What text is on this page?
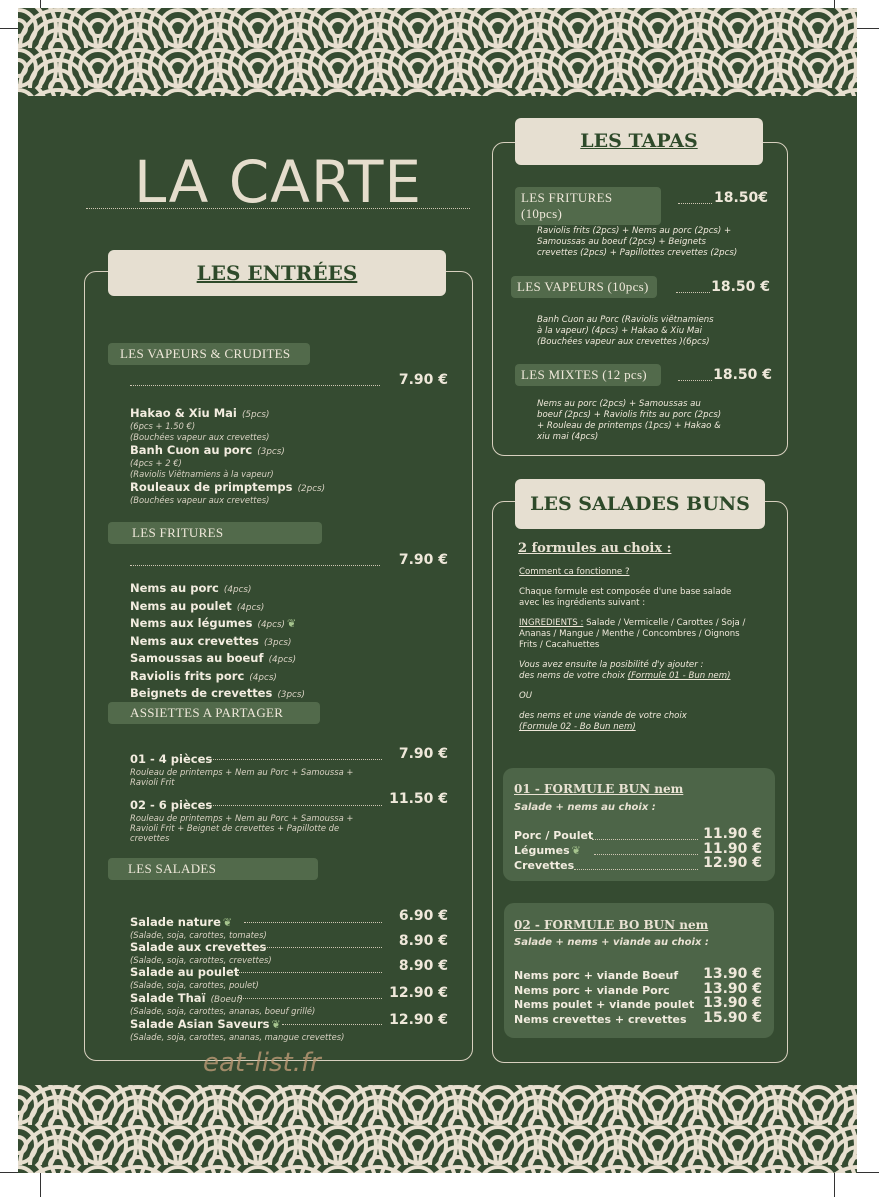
LA CARTE
LES ENTRÉES
LES VAPEURS & CRUDITES
7.90 €
Hakao & Xiu Mai (5pcs)
(6pcs + 1.50 €)
(Bouchées vapeur aux crevettes)
Banh Cuon au porc (3pcs)
(4pcs + 2 €)
(Raviolis Viêtnamiens à la vapeur)
Rouleaux de primptemps (2pcs)
(Bouchées vapeur aux crevettes)
LES FRITURES
7.90 €
Nems au porc (4pcs)
Nems au poulet (4pcs)
Nems aux légumes (4pcs) ❦
Nems aux crevettes (3pcs)
Samoussas au boeuf (4pcs)
Raviolis frits porc (4pcs)
Beignets de crevettes (3pcs)
ASSIETTES A PARTAGER
01 - 4 pièces
Rouleau de printemps + Nem au Porc + Samoussa +
Ravioli Frit
7.90 €
02 - 6 pièces
Rouleau de printemps + Nem au Porc + Samoussa +
Ravioli Frit + Beignet de crevettes + Papillotte de
crevettes
11.50 €
LES SALADES
Salade nature ❦
(Salade, soja, carottes, tomates)
6.90 €
Salade aux crevettes
(Salade, soja, carottes, crevettes)
8.90 €
Salade au poulet
(Salade, soja, carottes, poulet)
8.90 €
Salade Thaï (Boeuf)
(Salade, soja, carottes, ananas, boeuf grillé)
12.90 €
Salade Asian Saveurs ❦
(Salade, soja, carottes, ananas, mangue crevettes)
12.90 €
eat-list.fr
LES TAPAS
LES FRITURES (10pcs)
18.50€
Raviolis frits (2pcs) + Nems au porc (2pcs) +
Samoussas au boeuf (2pcs) + Beignets
crevettes (2pcs) + Papillottes crevettes (2pcs)
LES VAPEURS (10pcs)	18.50 €
Banh Cuon au Porc (Raviolis viêtnamiens
à la vapeur) (4pcs) + Hakao & Xiu Mai
(Bouchées vapeur aux crevettes )(6pcs)
LES MIXTES (12 pcs)	18.50 €
Nems au porc (2pcs) + Samoussas au
boeuf (2pcs) + Raviolis frits au porc (2pcs)
+ Rouleau de printemps (1pcs) + Hakao &
xiu mai (4pcs)
LES SALADES BUNS
2 formules au choix :
Comment ca fonctionne ?
Chaque formule est composée d'une base salade
avec les ingrédients suivant :
INGREDIENTS : Salade / Vermicelle / Carottes / Soja /
Ananas / Mangue / Menthe / Concombres / Oignons
Frits / Cacahuettes
Vous avez ensuite la posibilité d'y ajouter :
des nems de votre choix (Formule 01 - Bun nem)
OU
des nems et une viande de votre choix
(Formule 02 - Bo Bun nem)
01 - FORMULE BUN nem
Salade + nems au choix :
Porc / Poulet	11.90 €
Légumes ❦	11.90 €
Crevettes	12.90 €
02 - FORMULE BO BUN nem
Salade + nems + viande au choix :
Nems porc + viande Boeuf	13.90 €
Nems porc + viande Porc	13.90 €
Nems poulet + viande poulet 13.90 €
Nems crevettes + crevettes	15.90 €
